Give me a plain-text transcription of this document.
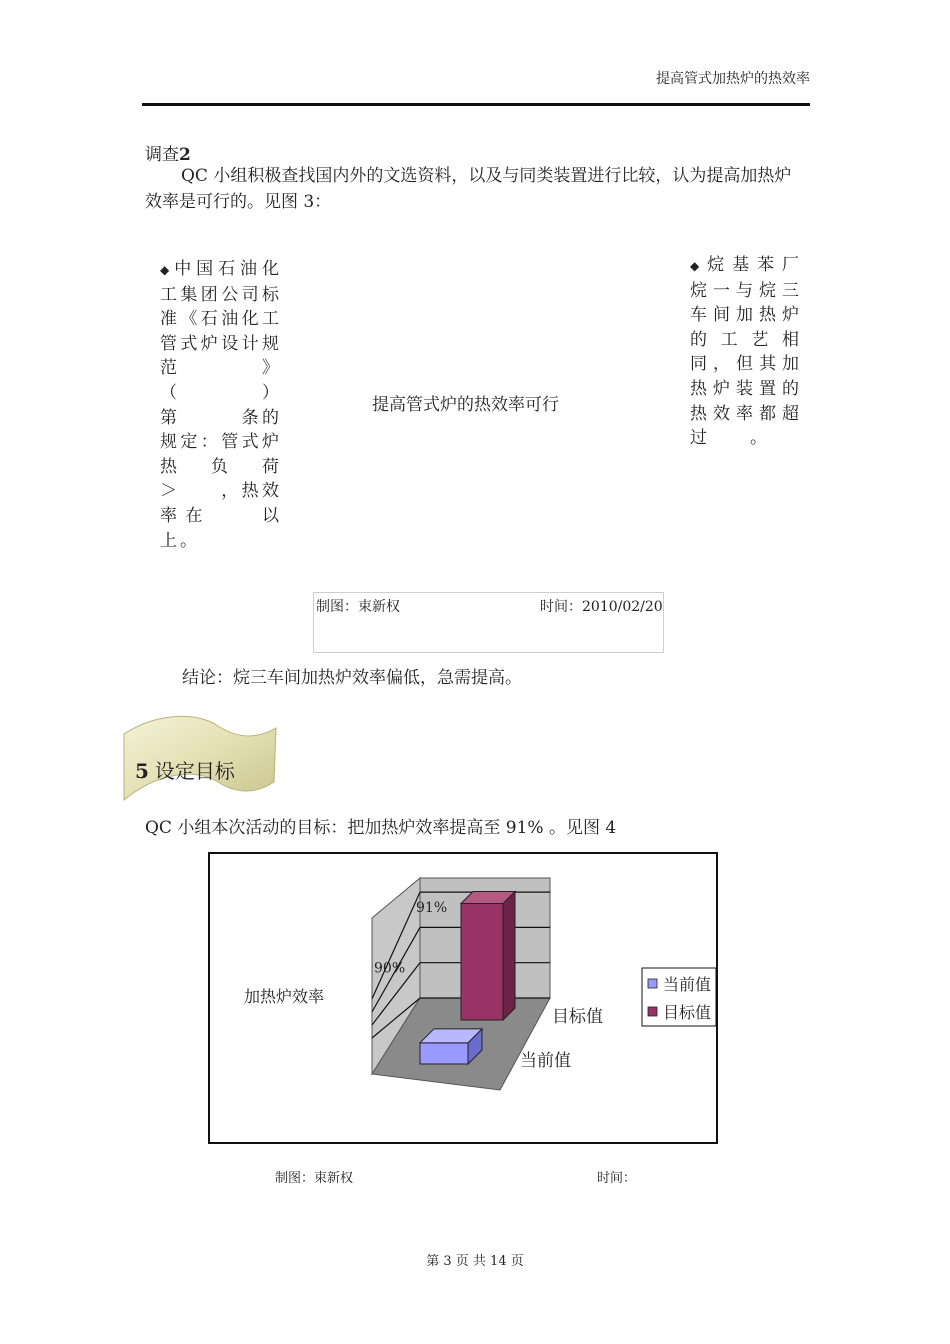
提高管式加热炉的热效率
调查2
QC 小组积极查找国内外的文选资料，以及与同类装置进行比较，认为提高加热炉效率是可行的。见图 3：
◆中国石油化工集团公司标准《石油化工管式炉设计规范　　　》（　　　　）第　　　条的规定：管式炉热负荷＞　　，热效率在　　以上。
提高管式炉的热效率可行
◆烷基苯厂烷一与烷三车间加热炉的工艺相同，但其加热炉装置的热效率都超过　　。
制图：束新权	时间：2010/02/20
结论：烷三车间加热炉效率偏低，急需提高。
5 设定目标
QC 小组本次活动的目标：把加热炉效率提高至 91% 。见图 4
90%
91%
加热炉效率
目标值
当前值
当前值
目标值
制图：束新权	时间：
第 3 页 共 14 页
